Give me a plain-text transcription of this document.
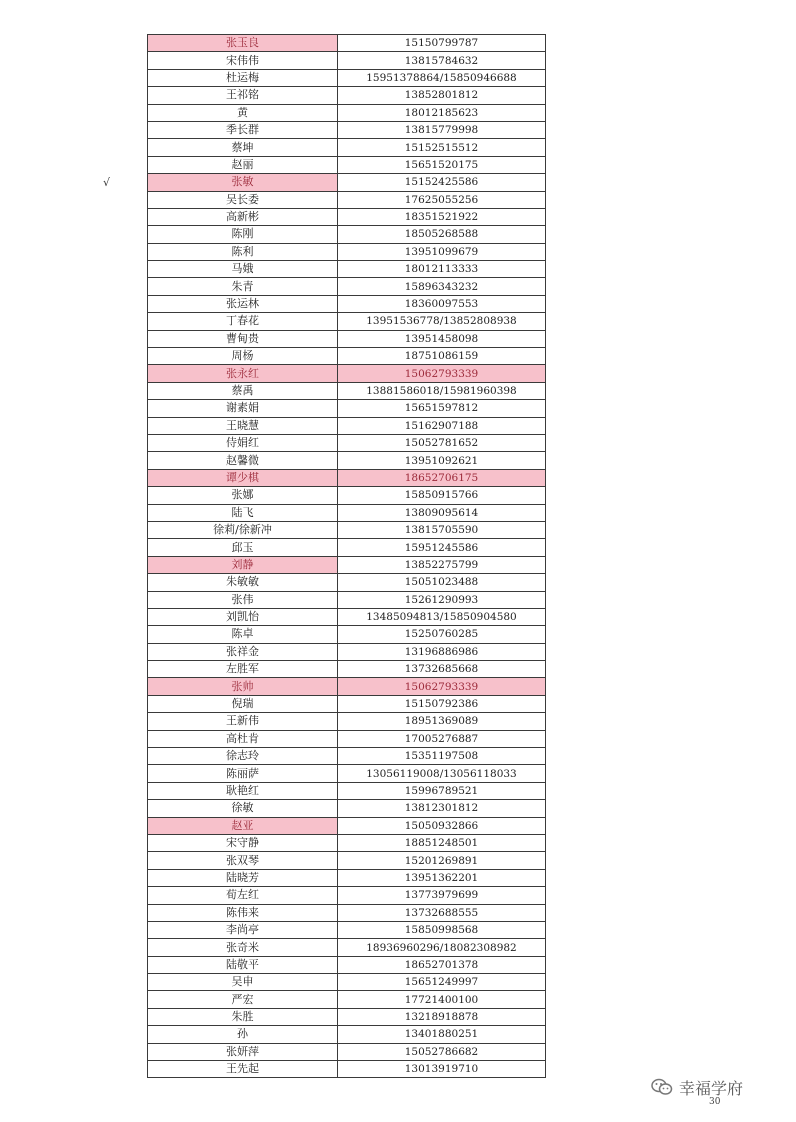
√
张玉良	15150799787
宋伟伟	13815784632
杜运梅	15951378864/15850946688
王祁铭	13852801812
黄	18012185623
季长群	13815779998
蔡坤	15152515512
赵丽	15651520175
张敏	15152425586
吴长委	17625055256
高新彬	18351521922
陈刚	18505268588
陈利	13951099679
马娥	18012113333
朱青	15896343232
张运林	18360097553
丁春花	13951536778/13852808938
曹甸贵	13951458098
周杨	18751086159
张永红	15062793339
蔡禹	13881586018/15981960398
谢素娟	15651597812
王晓慧	15162907188
侍娟红	15052781652
赵馨微	13951092621
谭少棋	18652706175
张娜	15850915766
陆飞	13809095614
徐莉/徐新冲	13815705590
邱玉	15951245586
刘静	13852275799
朱敏敏	15051023488
张伟	15261290993
刘凯怡	13485094813/15850904580
陈卓	15250760285
张祥金	13196886986
左胜军	13732685668
张帅	15062793339
倪瑞	15150792386
王新伟	18951369089
高杜肯	17005276887
徐志玲	15351197508
陈丽萨	13056119008/13056118033
耿艳红	15996789521
徐敏	13812301812
赵亚	15050932866
宋守静	18851248501
张双琴	15201269891
陆晓芳	13951362201
荀左红	13773979699
陈伟来	13732688555
李尚亭	15850998568
张奇米	18936960296/18082308982
陆敬平	18652701378
吴申	15651249997
严宏	17721400100
朱胜	13218918878
孙	13401880251
张妍萍	15052786682
王先起	13013919710
幸福学府
30
